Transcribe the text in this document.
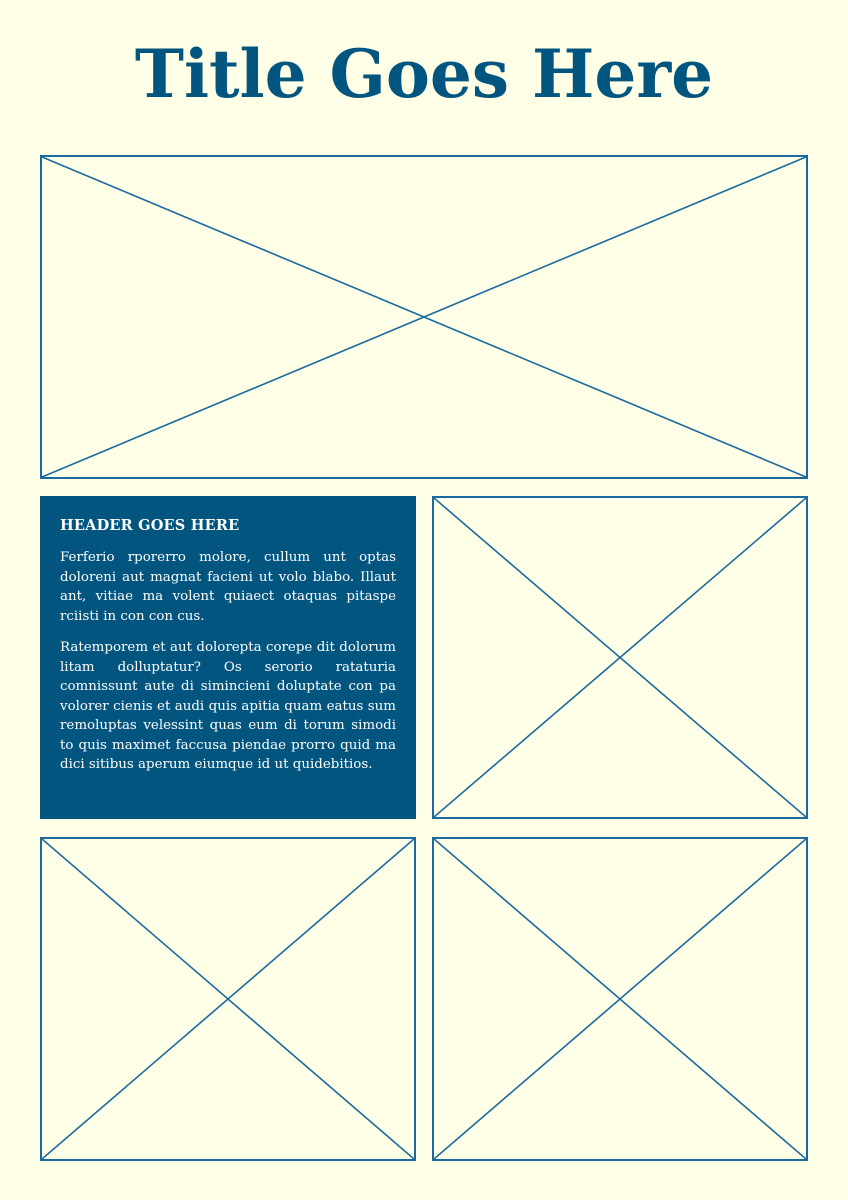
Title Goes Here
HEADER GOES HERE

Ferferio rporerro molore, cullum unt optas doloreni aut magnat facieni ut volo blabo. Illaut ant, vitiae ma volent quiaect otaquas pitaspe rciisti in con con cus.

Ratemporem et aut dolorepta corepe dit dolorum litam dolluptatur? Os serorio rataturia comnissunt aute di simincieni doluptate con pa volorer cienis et audi quis apitia quam eatus sum remoluptas velessint quas eum di torum simodi to quis maximet faccusa piendae prorro quid ma dici sitibus aperum eiumque id ut quidebitios.
